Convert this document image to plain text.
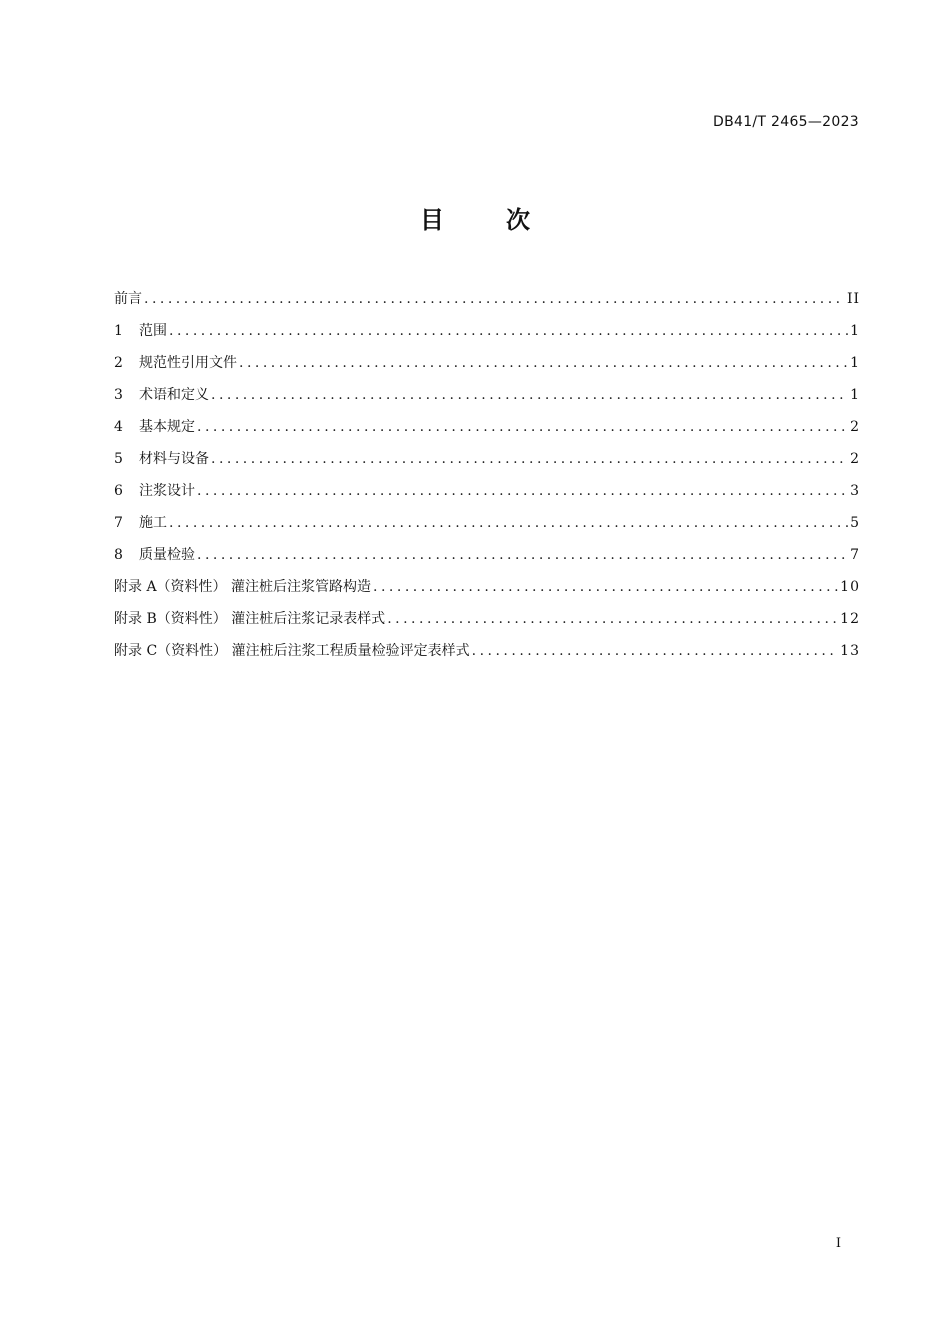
DB41/T 2465—2023
目	次
前言 .....	II
1	范围 .....	1
2	规范性引用文件 .....	1
3	术语和定义 .....	1
4	基本规定 .....	2
5	材料与设备 .....	2
6	注浆设计 .....	3
7	施工 .....	5
8	质量检验 .....	7
附录 A（资料性） 灌注桩后注浆管路构造 .....	10
附录 B（资料性） 灌注桩后注浆记录表样式 .....	12
附录 C（资料性） 灌注桩后注浆工程质量检验评定表样式 .....	13
I
